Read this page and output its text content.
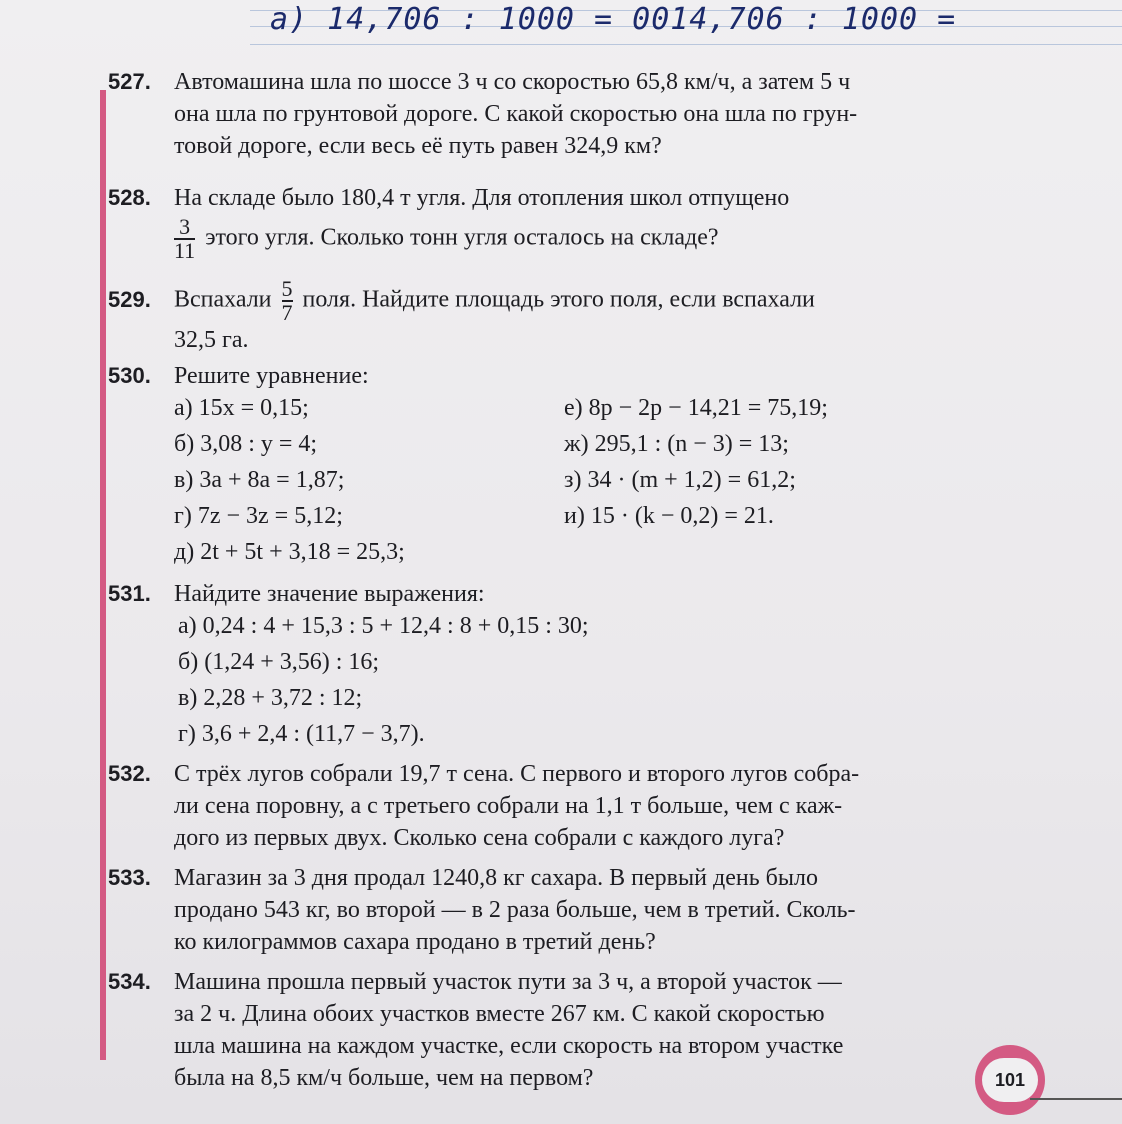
а) 14,706 : 1000 = 0014,706 : 1000 =
527. Автомашина шла по шоссе 3 ч со скоростью 65,8 км/ч, а затем 5 ч
она шла по грунтовой дороге. С какой скоростью она шла по грун-
товой дороге, если весь её путь равен 324,9 км?
528. На складе было 180,4 т угля. Для отопления школ отпущено
$\frac{3}{11}$ этого угля. Сколько тонн угля осталось на складе?
529. Вспахали $\frac{5}{7}$ поля. Найдите площадь этого поля, если вспахали
32,5 га.
530. Решите уравнение:
а) 15x = 0,15;
б) 3,08 : y = 4;
в) 3a + 8a = 1,87;
г) 7z − 3z = 5,12;
д) 2t + 5t + 3,18 = 25,3;
е) 8p − 2p − 14,21 = 75,19;
ж) 295,1 : (n − 3) = 13;
з) 34 · (m + 1,2) = 61,2;
и) 15 · (k − 0,2) = 21.
531. Найдите значение выражения:
а) 0,24 : 4 + 15,3 : 5 + 12,4 : 8 + 0,15 : 30;
б) (1,24 + 3,56) : 16;
в) 2,28 + 3,72 : 12;
г) 3,6 + 2,4 : (11,7 − 3,7).
532. С трёх лугов собрали 19,7 т сена. С первого и второго лугов собра-
ли сена поровну, а с третьего собрали на 1,1 т больше, чем с каж-
дого из первых двух. Сколько сена собрали с каждого луга?
533. Магазин за 3 дня продал 1240,8 кг сахара. В первый день было
продано 543 кг, во второй — в 2 раза больше, чем в третий. Сколь-
ко килограммов сахара продано в третий день?
534. Машина прошла первый участок пути за 3 ч, а второй участок —
за 2 ч. Длина обоих участков вместе 267 км. С какой скоростью
шла машина на каждом участке, если скорость на втором участке
была на 8,5 км/ч больше, чем на первом?	101
